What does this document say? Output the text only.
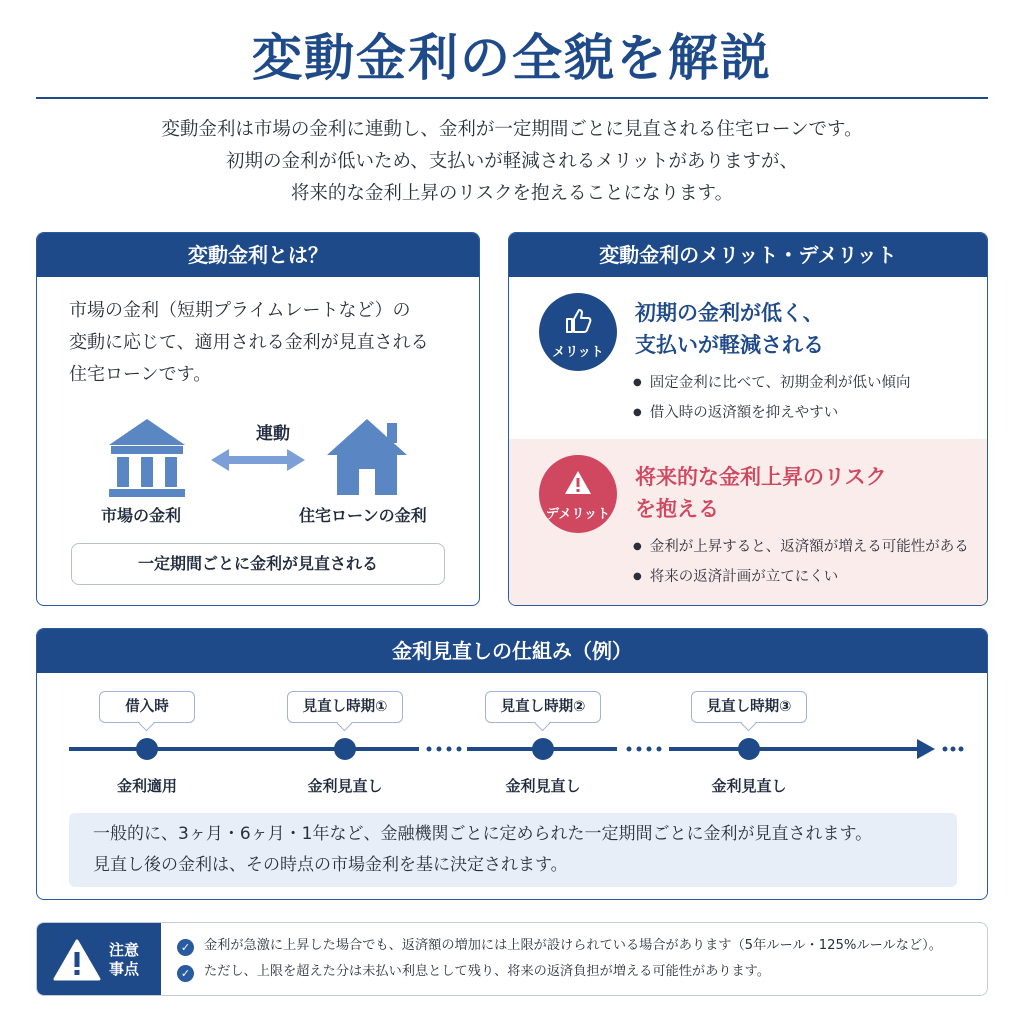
変動金利の全貌を解説
変動金利は市場の金利に連動し、金利が一定期間ごとに見直される住宅ローンです。
初期の金利が低いため、支払いが軽減されるメリットがありますが、
将来的な金利上昇のリスクを抱えることになります。
変動金利とは？
市場の金利（短期プライムレートなど）の
変動に応じて、適用される金利が見直される
住宅ローンです。
連動
市場の金利	住宅ローンの金利
一定期間ごとに金利が見直される
変動金利のメリット・デメリット
メリット
初期の金利が低く、
支払いが軽減される
● 固定金利に比べて、初期金利が低い傾向
● 借入時の返済額を抑えやすい
デメリット
将来的な金利上昇のリスク
を抱える
● 金利が上昇すると、返済額が増える可能性がある
● 将来の返済計画が立てにくい
金利見直しの仕組み（例）
借入時	見直し時期①	見直し時期②	見直し時期③
金利適用	金利見直し	金利見直し	金利見直し
一般的に、3ヶ月・6ヶ月・1年など、金融機関ごとに定められた一定期間ごとに金利が見直されます。
見直し後の金利は、その時点の市場金利を基に決定されます。
注意
事点
✓ 金利が急激に上昇した場合でも、返済額の増加には上限が設けられている場合があります（5年ルール・125%ルールなど）。
✓ ただし、上限を超えた分は未払い利息として残り、将来の返済負担が増える可能性があります。
